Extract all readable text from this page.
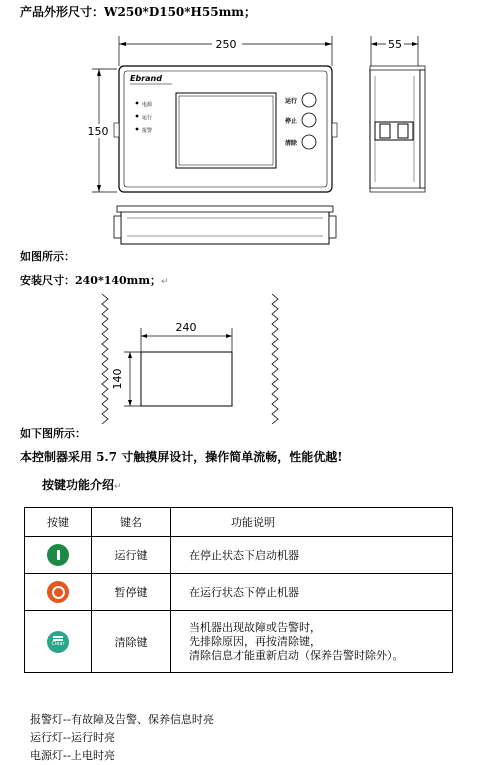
产品外形尺寸：W250*D150*H55mm；
250
150
Ebrand
电源
运行
报警
运行
停止
清除
55
如图所示：
安装尺寸：240*140mm；↵
240
140
如下图所示：
本控制器采用 5.7 寸触摸屏设计，操作简单流畅，性能优越!
按键功能介绍↵
按键	键名	功能说明

	运行键	在停止状态下启动机器

	暂停键	在运行状态下停止机器

Clear	清除键	当机器出现故障或告警时，
先排除原因，再按清除键，
清除信息才能重新启动（保养告警时除外）。
报警灯--有故障及告警、保养信息时亮
运行灯--运行时亮
电源灯--上电时亮
